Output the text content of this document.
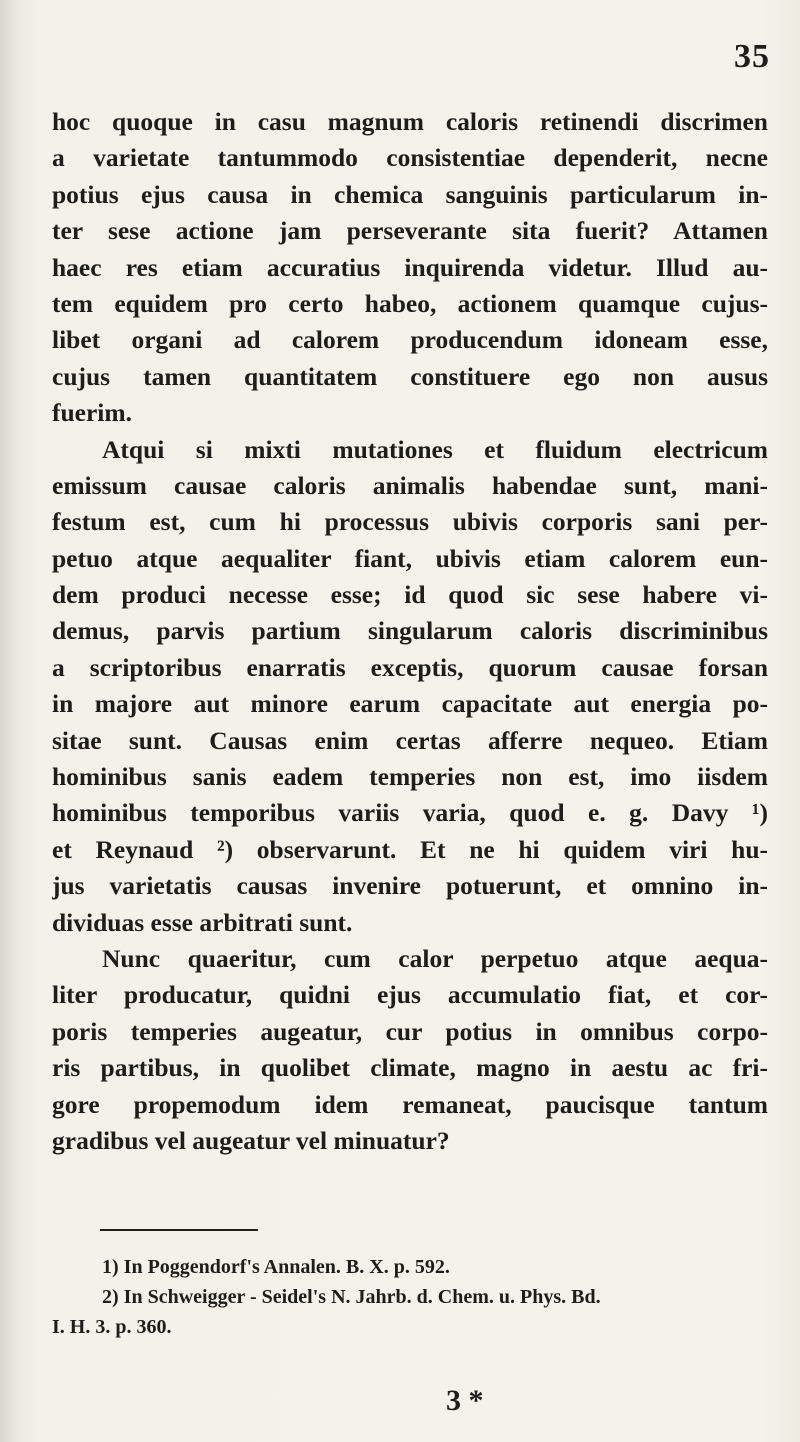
35
hoc quoque in casu magnum caloris retinendi discrimen
a varietate tantummodo consistentiae dependerit, necne
potius ejus causa in chemica sanguinis particularum in-
ter sese actione jam perseverante sita fuerit? Attamen
haec res etiam accuratius inquirenda videtur. Illud au-
tem equidem pro certo habeo, actionem quamque cujus-
libet organi ad calorem producendum idoneam esse,
cujus tamen quantitatem constituere ego non ausus
fuerim.
Atqui si mixti mutationes et fluidum electricum
emissum causae caloris animalis habendae sunt, mani-
festum est, cum hi processus ubivis corporis sani per-
petuo atque aequaliter fiant, ubivis etiam calorem eun-
dem produci necesse esse; id quod sic sese habere vi-
demus, parvis partium singularum caloris discriminibus
a scriptoribus enarratis exceptis, quorum causae forsan
in majore aut minore earum capacitate aut energia po-
sitae sunt. Causas enim certas afferre nequeo. Etiam
hominibus sanis eadem temperies non est, imo iisdem
hominibus temporibus variis varia, quod e. g. Davy ¹)
et Reynaud ²) observarunt. Et ne hi quidem viri hu-
jus varietatis causas invenire potuerunt, et omnino in-
dividuas esse arbitrati sunt.
Nunc quaeritur, cum calor perpetuo atque aequa-
liter producatur, quidni ejus accumulatio fiat, et cor-
poris temperies augeatur, cur potius in omnibus corpo-
ris partibus, in quolibet climate, magno in aestu ac fri-
gore propemodum idem remaneat, paucisque tantum
gradibus vel augeatur vel minuatur?
1) In Poggendorf's Annalen. B. X. p. 592.
2) In Schweigger - Seidel's N. Jahrb. d. Chem. u. Phys. Bd.
I. H. 3. p. 360.
3 *
